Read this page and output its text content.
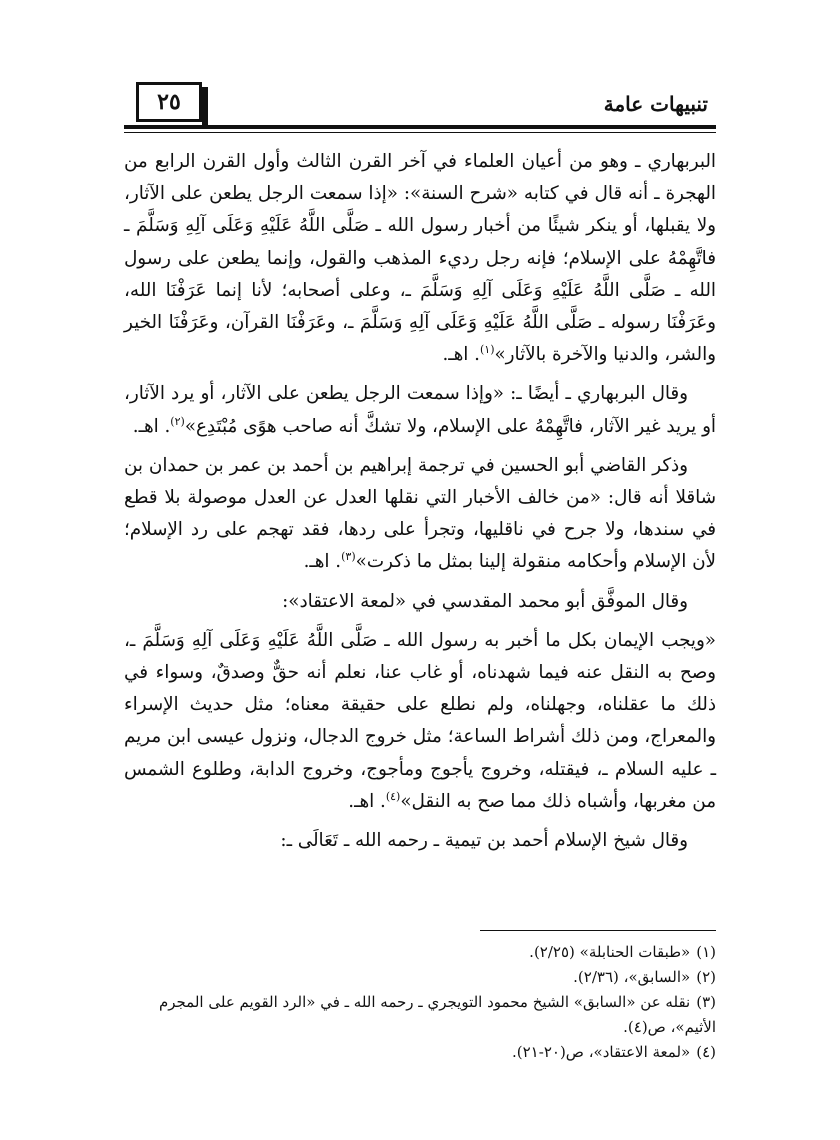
٢٥	تنبيهات عامة

البربهاري ـ وهو من أعيان العلماء في آخر القرن الثالث وأول القرن الرابع من الهجرة ـ أنه قال في كتابه «شرح السنة»: «إذا سمعت الرجل يطعن على الآثار، ولا يقبلها، أو ينكر شيئًا من أخبار رسول الله ـ صَلَّى اللَّهُ عَلَيْهِ وَعَلَى آلِهِ وَسَلَّمَ ـ فاتَّهِمْهُ على الإسلام؛ فإنه رجل رديء المذهب والقول، وإنما يطعن على رسول الله ـ صَلَّى اللَّهُ عَلَيْهِ وَعَلَى آلِهِ وَسَلَّمَ ـ، وعلى أصحابه؛ لأنا إنما عَرَفْنَا الله، وعَرَفْنَا رسوله ـ صَلَّى اللَّهُ عَلَيْهِ وَعَلَى آلِهِ وَسَلَّمَ ـ، وعَرَفْنَا القرآن، وعَرَفْنَا الخير والشر، والدنيا والآخرة بالآثار»$^{(١)}$. اهـ.

وقال البربهاري ـ أيضًا ـ: «وإذا سمعت الرجل يطعن على الآثار، أو يرد الآثار، أو يريد غير الآثار، فاتَّهِمْهُ على الإسلام، ولا تشكَّ أنه صاحب هوًى مُبْتَدِع»$^{(٢)}$. اهـ.

وذكر القاضي أبو الحسين في ترجمة إبراهيم بن أحمد بن عمر بن حمدان بن شاقلا أنه قال: «من خالف الأخبار التي نقلها العدل عن العدل موصولة بلا قطع في سندها، ولا جرح في ناقليها، وتجرأ على ردها، فقد تهجم على رد الإسلام؛ لأن الإسلام وأحكامه منقولة إلينا بمثل ما ذكرت»$^{(٣)}$. اهـ.

وقال الموفَّق أبو محمد المقدسي في «لمعة الاعتقاد»:

«ويجب الإيمان بكل ما أخبر به رسول الله ـ صَلَّى اللَّهُ عَلَيْهِ وَعَلَى آلِهِ وَسَلَّمَ ـ، وصح به النقل عنه فيما شهدناه، أو غاب عنا، نعلم أنه حقٌّ وصدقٌ، وسواء في ذلك ما عقلناه، وجهلناه، ولم نطلع على حقيقة معناه؛ مثل حديث الإسراء والمعراج، ومن ذلك أشراط الساعة؛ مثل خروج الدجال، ونزول عيسى ابن مريم ـ عليه السلام ـ، فيقتله، وخروج يأجوج ومأجوج، وخروج الدابة، وطلوع الشمس من مغربها، وأشباه ذلك مما صح به النقل»$^{(٤)}$. اهـ.

وقال شيخ الإسلام أحمد بن تيمية ـ رحمه الله ـ تَعَالَى ـ:

(١)«طبقات الحنابلة» (٢/٢٥).
(٢)«السابق»، (٢/٣٦).
(٣)نقله عن «السابق» الشيخ محمود التويجري ـ رحمه الله ـ في «الرد القويم على المجرم الأثيم»، ص(٤).
(٤)«لمعة الاعتقاد»، ص(٢٠-٢١).
